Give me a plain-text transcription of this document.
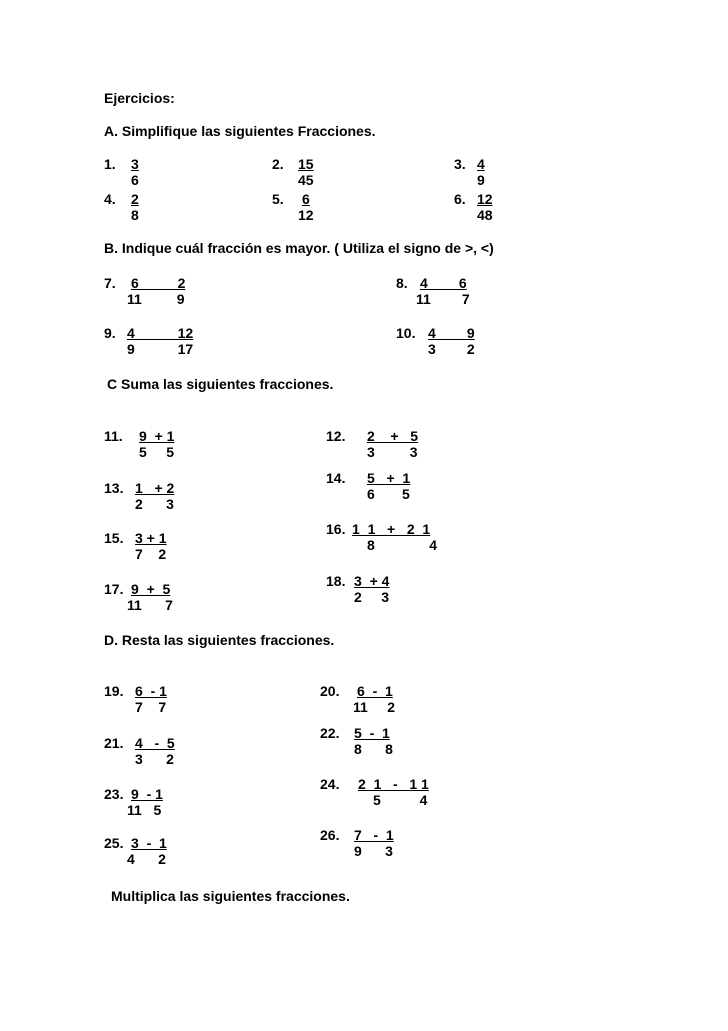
Ejercicios:
A. Simplifique las siguientes Fracciones.
1. 3
6
2. 15
45
3. 4
9
4. 2
8
5. 6
12
6. 12
48
B. Indique cuál fracción es mayor. ( Utiliza el signo de >, <)
7. 6          2
11         9
8. 4        6
11        7
9. 4           12
9           17
10. 4        9
3        2
C Suma las siguientes fracciones.
11. 9  + 1
5     5
12. 2    +   5
3         3
13. 1   + 2
2      3
14. 5   +  1
6       5
15. 3 + 1
7    2
16. 1  1   +   2  1
8              4
17. 9  +  5
11      7
18. 3  + 4
2     3
D. Resta las siguientes fracciones.
19. 6  - 1
7    7
20. 6  -  1
11     2
21. 4   -  5
3      2
22. 5  -  1
8      8
23. 9  - 1
11   5
24. 2  1   -   1 1
5          4
25. 3  -  1
4      2
26. 7   -  1
9      3
Multiplica las siguientes fracciones.
